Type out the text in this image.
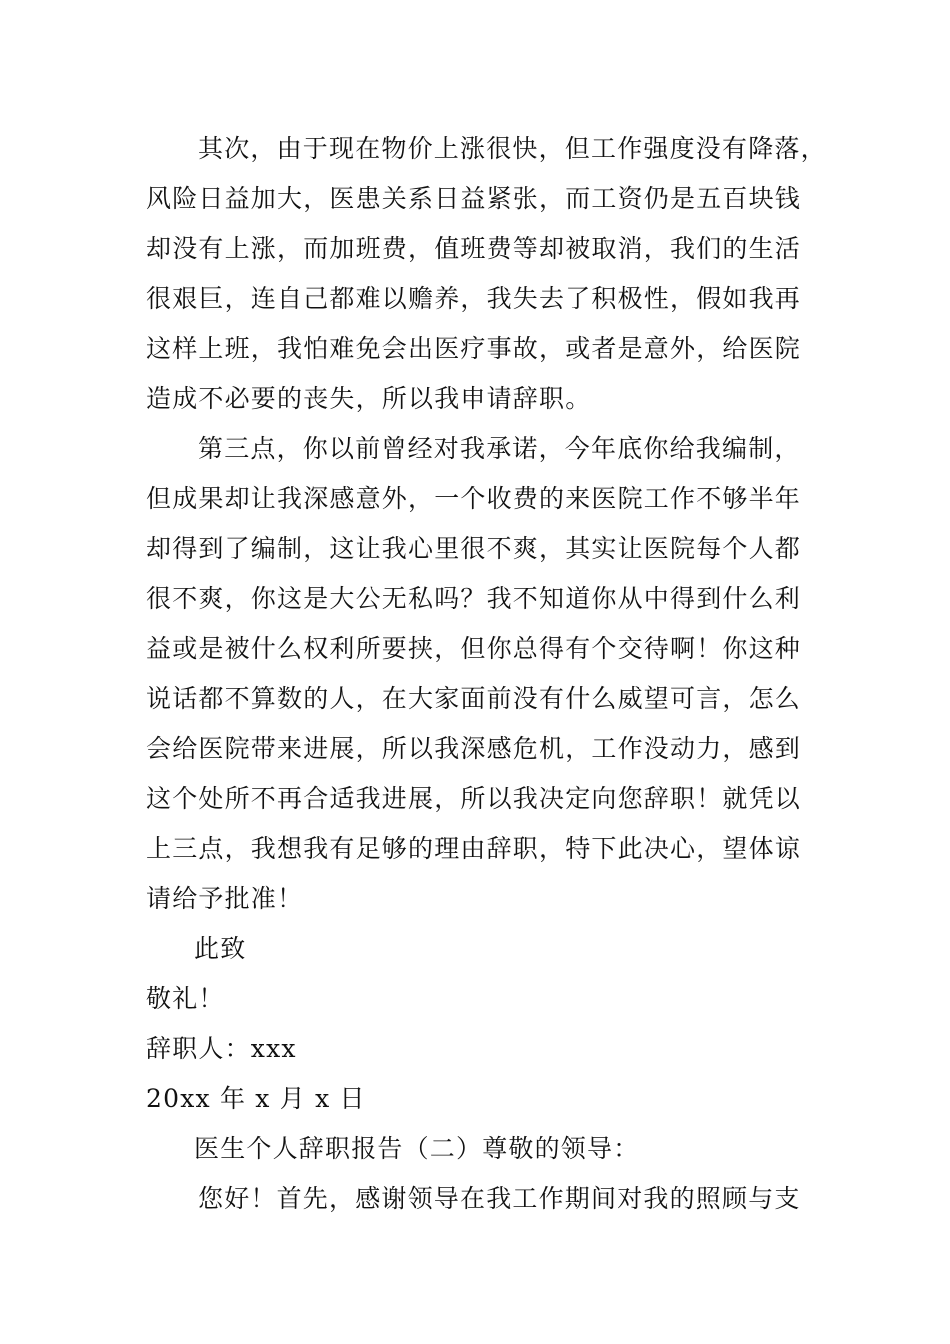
其次，由于现在物价上涨很快，但工作强度没有降落，
风险日益加大，医患关系日益紧张，而工资仍是五百块钱
却没有上涨，而加班费，值班费等却被取消，我们的生活
很艰巨，连自己都难以赡养，我失去了积极性，假如我再
这样上班，我怕难免会出医疗事故，或者是意外，给医院
造成不必要的丧失，所以我申请辞职。
第三点，你以前曾经对我承诺，今年底你给我编制，
但成果却让我深感意外，一个收费的来医院工作不够半年
却得到了编制，这让我心里很不爽，其实让医院每个人都
很不爽，你这是大公无私吗？我不知道你从中得到什么利
益或是被什么权利所要挟，但你总得有个交待啊！你这种
说话都不算数的人，在大家面前没有什么威望可言，怎么
会给医院带来进展，所以我深感危机，工作没动力，感到
这个处所不再合适我进展，所以我决定向您辞职！就凭以
上三点，我想我有足够的理由辞职，特下此决心，望体谅
请给予批准！
此致
敬礼！
辞职人：xxx
20xx 年 x 月 x 日
医生个人辞职报告（二）尊敬的领导：
您好！首先，感谢领导在我工作期间对我的照顾与支
